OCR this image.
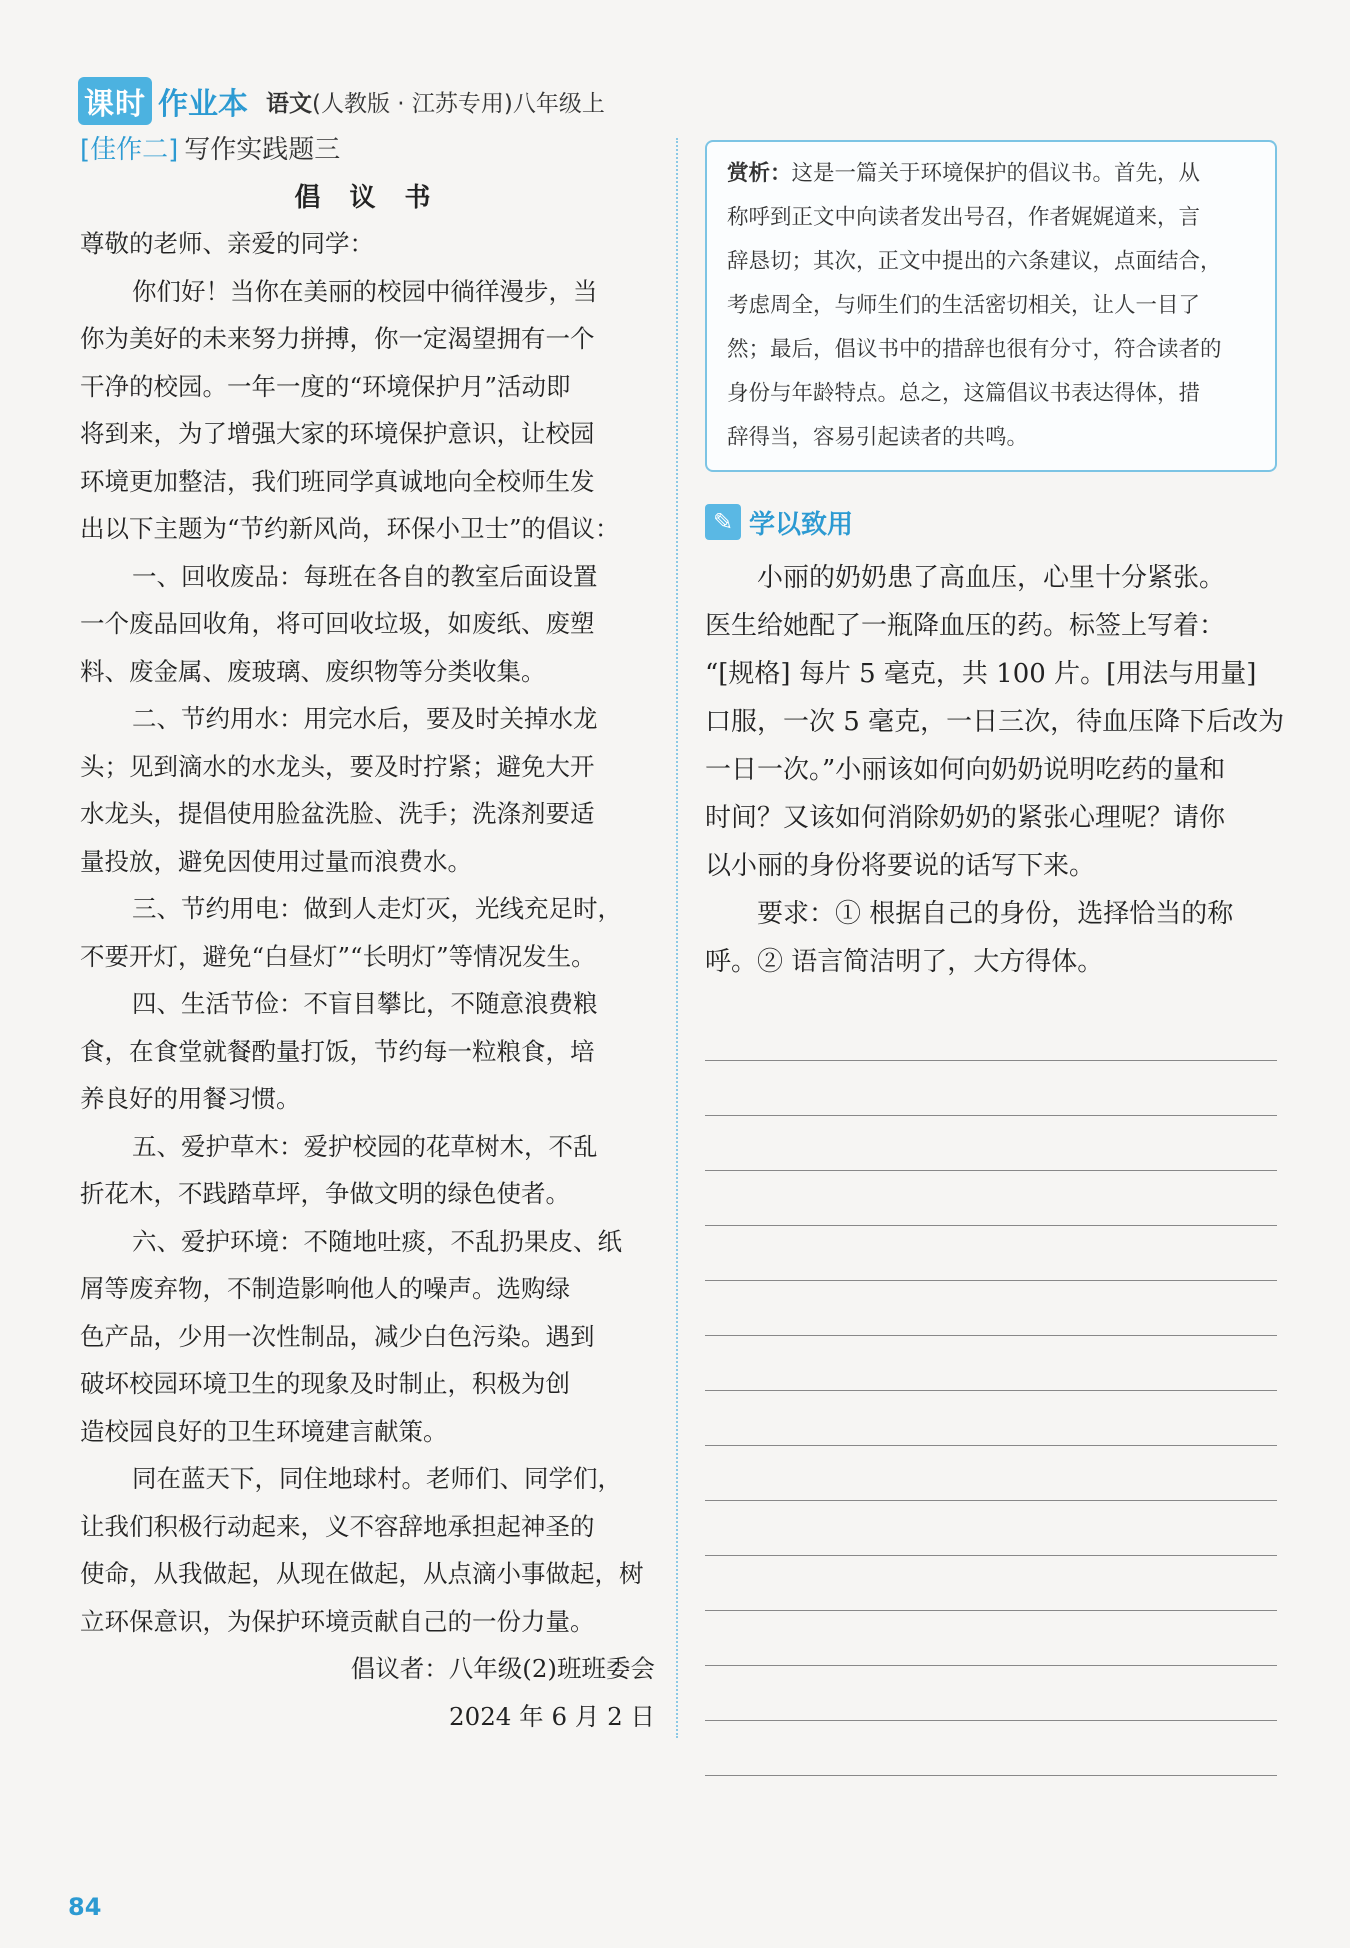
课时 作业本 语文(人教版 · 江苏专用)八年级上
[佳作二] 写作实践题三
倡 议 书
尊敬的老师、亲爱的同学：
你们好！当你在美丽的校园中徜徉漫步，当
你为美好的未来努力拼搏，你一定渴望拥有一个
干净的校园。一年一度的“环境保护月”活动即
将到来，为了增强大家的环境保护意识，让校园
环境更加整洁，我们班同学真诚地向全校师生发
出以下主题为“节约新风尚，环保小卫士”的倡议：
一、回收废品：每班在各自的教室后面设置
一个废品回收角，将可回收垃圾，如废纸、废塑
料、废金属、废玻璃、废织物等分类收集。
二、节约用水：用完水后，要及时关掉水龙
头；见到滴水的水龙头，要及时拧紧；避免大开
水龙头，提倡使用脸盆洗脸、洗手；洗涤剂要适
量投放，避免因使用过量而浪费水。
三、节约用电：做到人走灯灭，光线充足时，
不要开灯，避免“白昼灯”“长明灯”等情况发生。
四、生活节俭：不盲目攀比，不随意浪费粮
食，在食堂就餐酌量打饭，节约每一粒粮食，培
养良好的用餐习惯。
五、爱护草木：爱护校园的花草树木，不乱
折花木，不践踏草坪，争做文明的绿色使者。
六、爱护环境：不随地吐痰，不乱扔果皮、纸
屑等废弃物，不制造影响他人的噪声。选购绿
色产品，少用一次性制品，减少白色污染。遇到
破坏校园环境卫生的现象及时制止，积极为创
造校园良好的卫生环境建言献策。
同在蓝天下，同住地球村。老师们、同学们，
让我们积极行动起来，义不容辞地承担起神圣的
使命，从我做起，从现在做起，从点滴小事做起，树
立环保意识，为保护环境贡献自己的一份力量。
倡议者：八年级(2)班班委会
2024 年 6 月 2 日
赏析：这是一篇关于环境保护的倡议书。首先，从
称呼到正文中向读者发出号召，作者娓娓道来，言
辞恳切；其次，正文中提出的六条建议，点面结合，
考虑周全，与师生们的生活密切相关，让人一目了
然；最后，倡议书中的措辞也很有分寸，符合读者的
身份与年龄特点。总之，这篇倡议书表达得体，措
辞得当，容易引起读者的共鸣。
✎ 学以致用
　　小丽的奶奶患了高血压，心里十分紧张。
医生给她配了一瓶降血压的药。标签上写着：
“[规格] 每片 5 毫克，共 100 片。[用法与用量]
口服，一次 5 毫克，一日三次，待血压降下后改为
一日一次。”小丽该如何向奶奶说明吃药的量和
时间？又该如何消除奶奶的紧张心理呢？请你
以小丽的身份将要说的话写下来。
　　要求：① 根据自己的身份，选择恰当的称
呼。② 语言简洁明了，大方得体。
84
